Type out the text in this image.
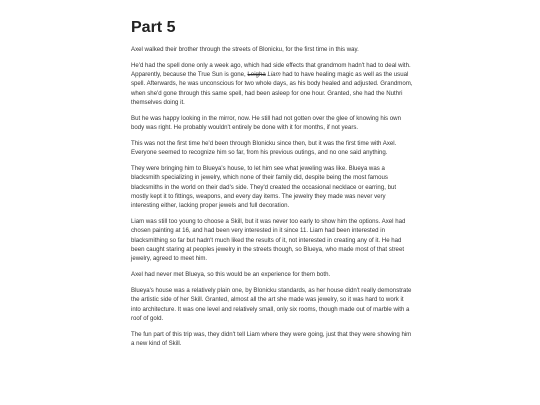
Part 5

Axel walked their brother through the streets of Blonicku, for the first time in this way.

He'd had the spell done only a week ago, which had side effects that grandmom hadn't had to deal with. Apparently, because the True Sun is gone, Leigha Liam had to have healing magic as well as the usual spell. Afterwards, he was unconscious for two whole days, as his body healed and adjusted. Grandmom, when she'd gone through this same spell, had been asleep for one hour. Granted, she had the Nuthri themselves doing it.

But he was happy looking in the mirror, now. He still had not gotten over the glee of knowing his own body was right. He probably wouldn't entirely be done with it for months, if not years.

This was not the first time he'd been through Blonicku since then, but it was the first time with Axel. Everyone seemed to recognize him so far, from his previous outings, and no one said anything.

They were bringing him to Blueya's house, to let him see what jeweling was like. Blueya was a blacksmith specializing in jewelry, which none of their family did, despite being the most famous blacksmiths in the world on their dad's side. They'd created the occasional necklace or earring, but mostly kept it to fittings, weapons, and every day items. The jewelry they made was never very interesting either, lacking proper jewels and full decoration.

Liam was still too young to choose a Skill, but it was never too early to show him the options. Axel had chosen painting at 16, and had been very interested in it since 11. Liam had been interested in blacksmithing so far but hadn't much liked the results of it, not interested in creating any of it. He had been caught staring at peoples jewelry in the streets though, so Blueya, who made most of that street jewelry, agreed to meet him.

Axel had never met Blueya, so this would be an experience for them both.

Blueya's house was a relatively plain one, by Blonicku standards, as her house didn't really demonstrate the artistic side of her Skill. Granted, almost all the art she made was jewelry, so it was hard to work it into architecture. It was one level and relatively small, only six rooms, though made out of marble with a roof of gold.

The fun part of this trip was, they didn't tell Liam where they were going, just that they were showing him a new kind of Skill.
